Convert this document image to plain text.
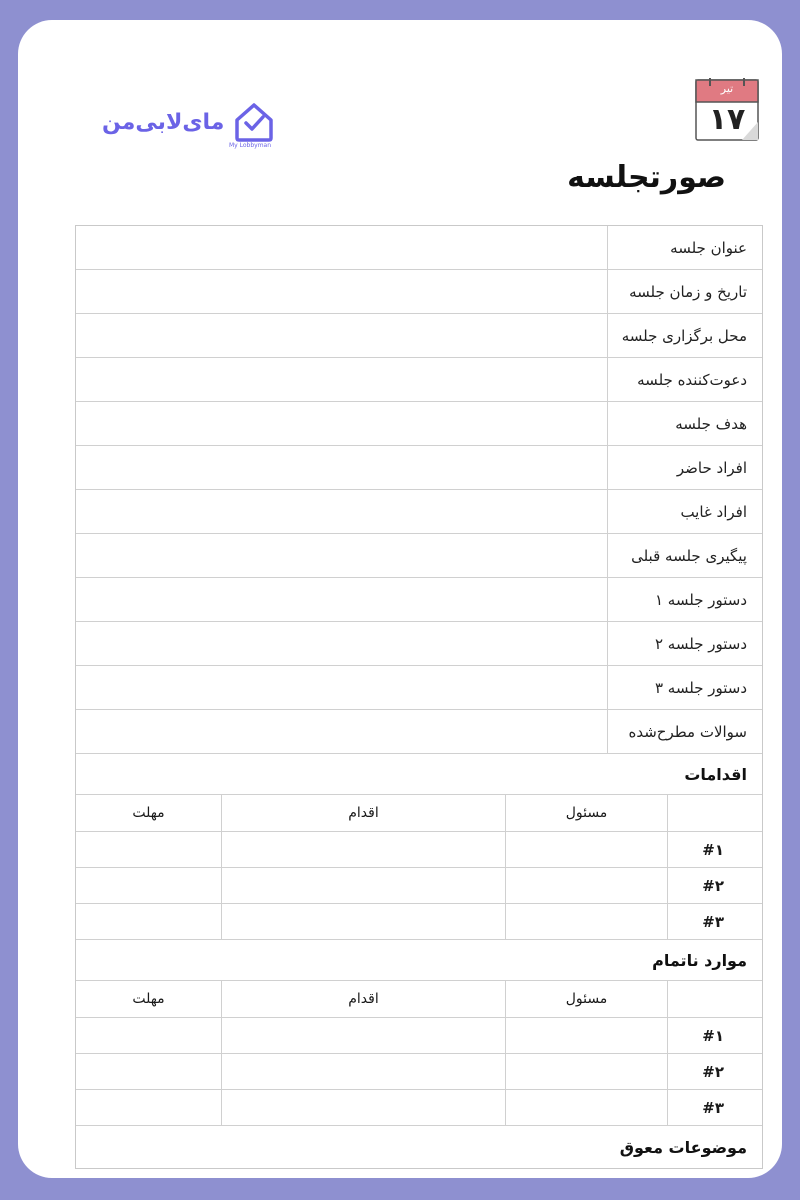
مای‌لابی‌من
My Lobbyman
تیر
۱۷
صورتجلسه
عنوان جلسه
تاریخ و زمان جلسه
محل برگزاری جلسه
دعوت‌کننده جلسه
هدف جلسه
افراد حاضر
افراد غایب
پیگیری جلسه قبلی
دستور جلسه ۱
دستور جلسه ۲
دستور جلسه ۳
سوالات مطرح‌شده
اقدامات
مسئول
اقدام
مهلت
#۱
#۲
#۳
موارد ناتمام
مسئول
اقدام
مهلت
#۱
#۲
#۳
موضوعات معوق
